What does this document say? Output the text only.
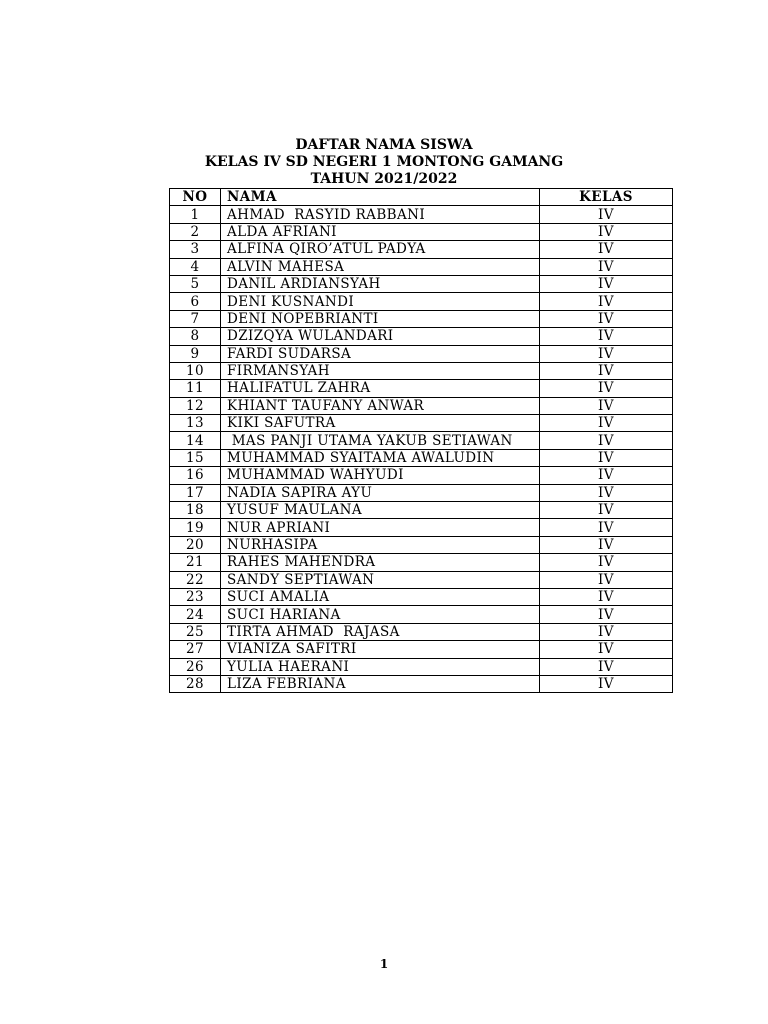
DAFTAR NAMA SISWA
KELAS IV SD NEGERI 1 MONTONG GAMANG
TAHUN 2021/2022
NO	NAMA	KELAS
1	AHMAD  RASYID RABBANI	IV
2	ALDA AFRIANI	IV
3	ALFINA QIRO’ATUL PADYA	IV
4	ALVIN MAHESA	IV
5	DANIL ARDIANSYAH	IV
6	DENI KUSNANDI	IV
7	DENI NOPEBRIANTI	IV
8	DZIZQYA WULANDARI	IV
9	FARDI SUDARSA	IV
10	FIRMANSYAH	IV
11	HALIFATUL ZAHRA	IV
12	KHIANT TAUFANY ANWAR	IV
13	KIKI SAFUTRA	IV
14	MAS PANJI UTAMA YAKUB SETIAWAN	IV
15	MUHAMMAD SYAITAMA AWALUDIN	IV
16	MUHAMMAD WAHYUDI	IV
17	NADIA SAPIRA AYU	IV
18	YUSUF MAULANA	IV
19	NUR APRIANI	IV
20	NURHASIPA	IV
21	RAHES MAHENDRA	IV
22	SANDY SEPTIAWAN	IV
23	SUCI AMALIA	IV
24	SUCI HARIANA	IV
25	TIRTA AHMAD  RAJASA	IV
27	VIANIZA SAFITRI	IV
26	YULIA HAERANI	IV
28	LIZA FEBRIANA	IV
1
